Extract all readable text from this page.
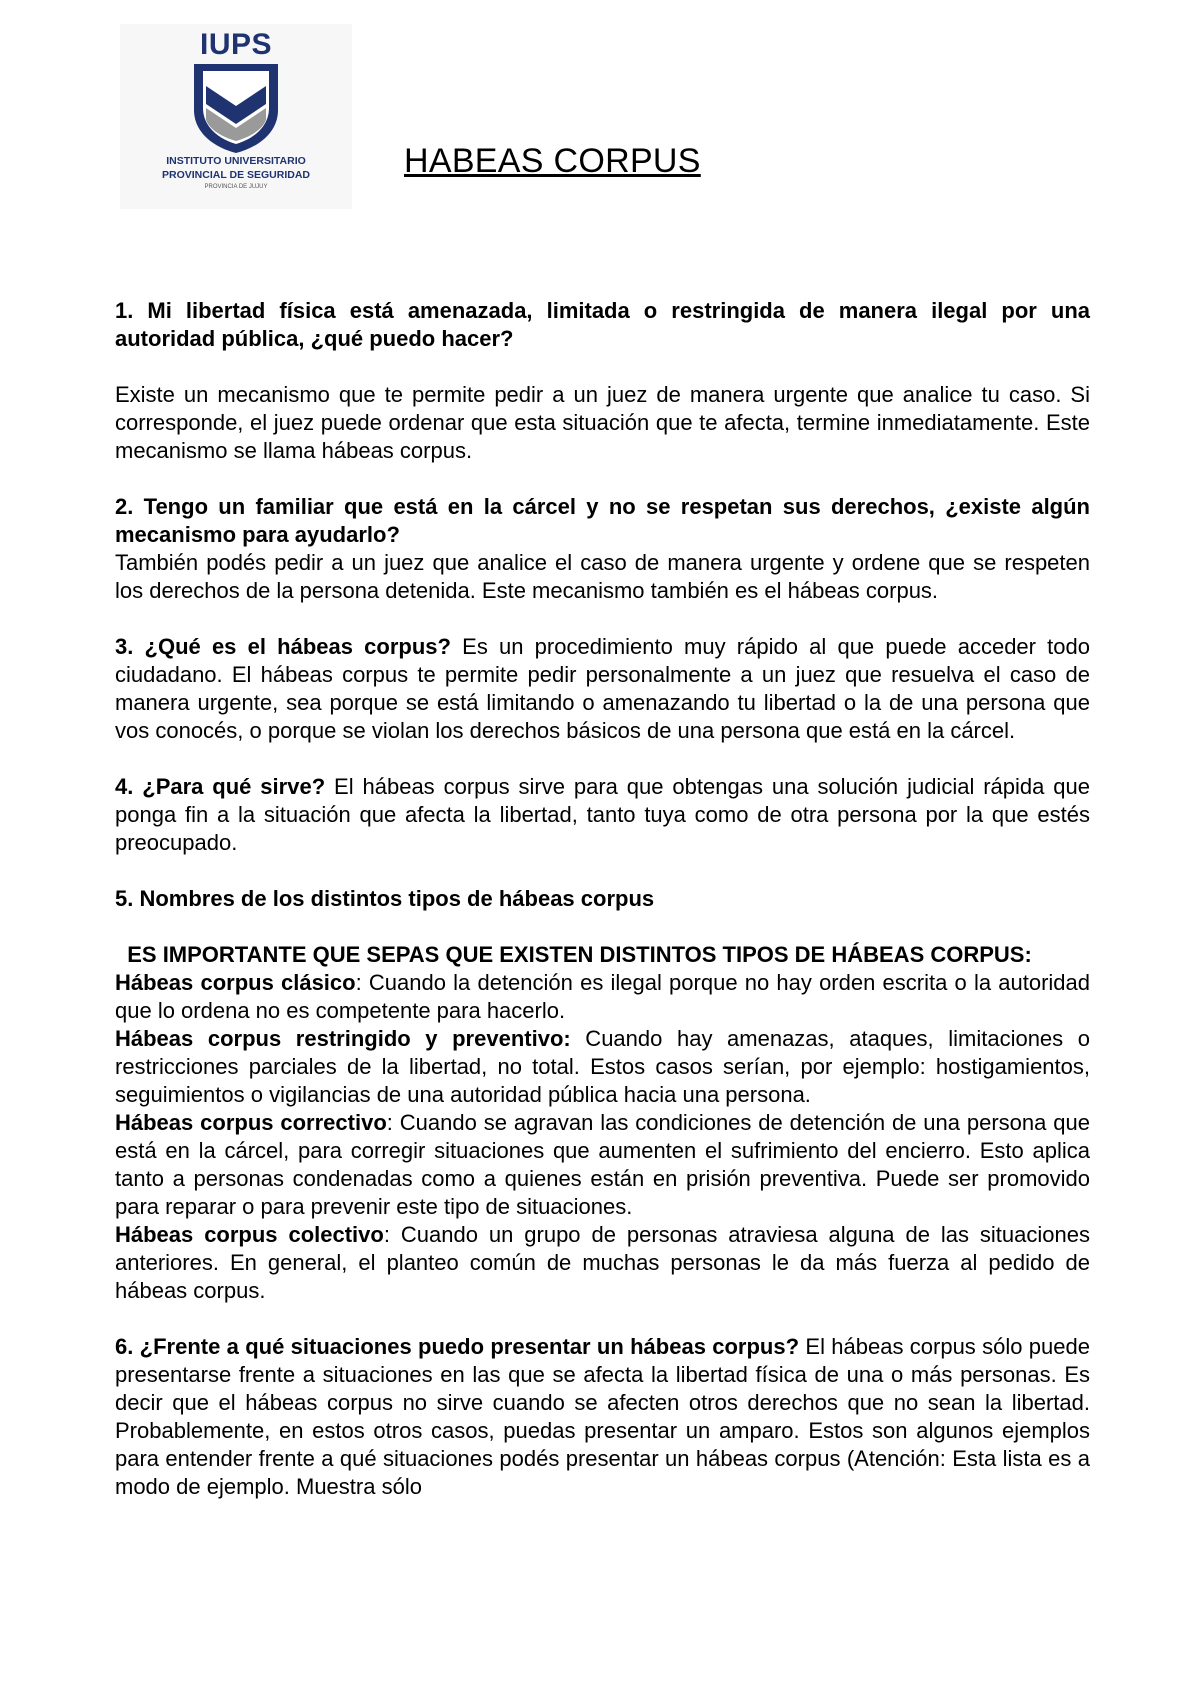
IUPS
INSTITUTO UNIVERSITARIO
PROVINCIAL DE SEGURIDAD
PROVINCIA DE JUJUY
HABEAS CORPUS

1. Mi libertad física está amenazada, limitada o restringida de manera ilegal por una autoridad pública, ¿qué puedo hacer?

Existe un mecanismo que te permite pedir a un juez de manera urgente que analice tu caso. Si corresponde, el juez puede ordenar que esta situación que te afecta, termine inmediatamente. Este mecanismo se llama hábeas corpus.

2. Tengo un familiar que está en la cárcel y no se respetan sus derechos, ¿existe algún mecanismo para ayudarlo?

También podés pedir a un juez que analice el caso de manera urgente y ordene que se respeten los derechos de la persona detenida. Este mecanismo también es el hábeas corpus.

3. ¿Qué es el hábeas corpus? Es un procedimiento muy rápido al que puede acceder todo ciudadano. El hábeas corpus te permite pedir personalmente a un juez que resuelva el caso de manera urgente, sea porque se está limitando o amenazando tu libertad o la de una persona que vos conocés, o porque se violan los derechos básicos de una persona que está en la cárcel.

4. ¿Para qué sirve? El hábeas corpus sirve para que obtengas una solución judicial rápida que ponga fin a la situación que afecta la libertad, tanto tuya como de otra persona por la que estés preocupado.

5. Nombres de los distintos tipos de hábeas corpus

ES IMPORTANTE QUE SEPAS QUE EXISTEN DISTINTOS TIPOS DE HÁBEAS CORPUS:

Hábeas corpus clásico: Cuando la detención es ilegal porque no hay orden escrita o la autoridad que lo ordena no es competente para hacerlo.

Hábeas corpus restringido y preventivo: Cuando hay amenazas, ataques, limitaciones o restricciones parciales de la libertad, no total. Estos casos serían, por ejemplo: hostigamientos, seguimientos o vigilancias de una autoridad pública hacia una persona.

Hábeas corpus correctivo: Cuando se agravan las condiciones de detención de una persona que está en la cárcel, para corregir situaciones que aumenten el sufrimiento del encierro. Esto aplica tanto a personas condenadas como a quienes están en prisión preventiva. Puede ser promovido para reparar o para prevenir este tipo de situaciones.

Hábeas corpus colectivo: Cuando un grupo de personas atraviesa alguna de las situaciones anteriores. En general, el planteo común de muchas personas le da más fuerza al pedido de hábeas corpus.

6. ¿Frente a qué situaciones puedo presentar un hábeas corpus? El hábeas corpus sólo puede presentarse frente a situaciones en las que se afecta la libertad física de una o más personas. Es decir que el hábeas corpus no sirve cuando se afecten otros derechos que no sean la libertad. Probablemente, en estos otros casos, puedas presentar un amparo. Estos son algunos ejemplos para entender frente a qué situaciones podés presentar un hábeas corpus (Atención: Esta lista es a modo de ejemplo. Muestra sólo
